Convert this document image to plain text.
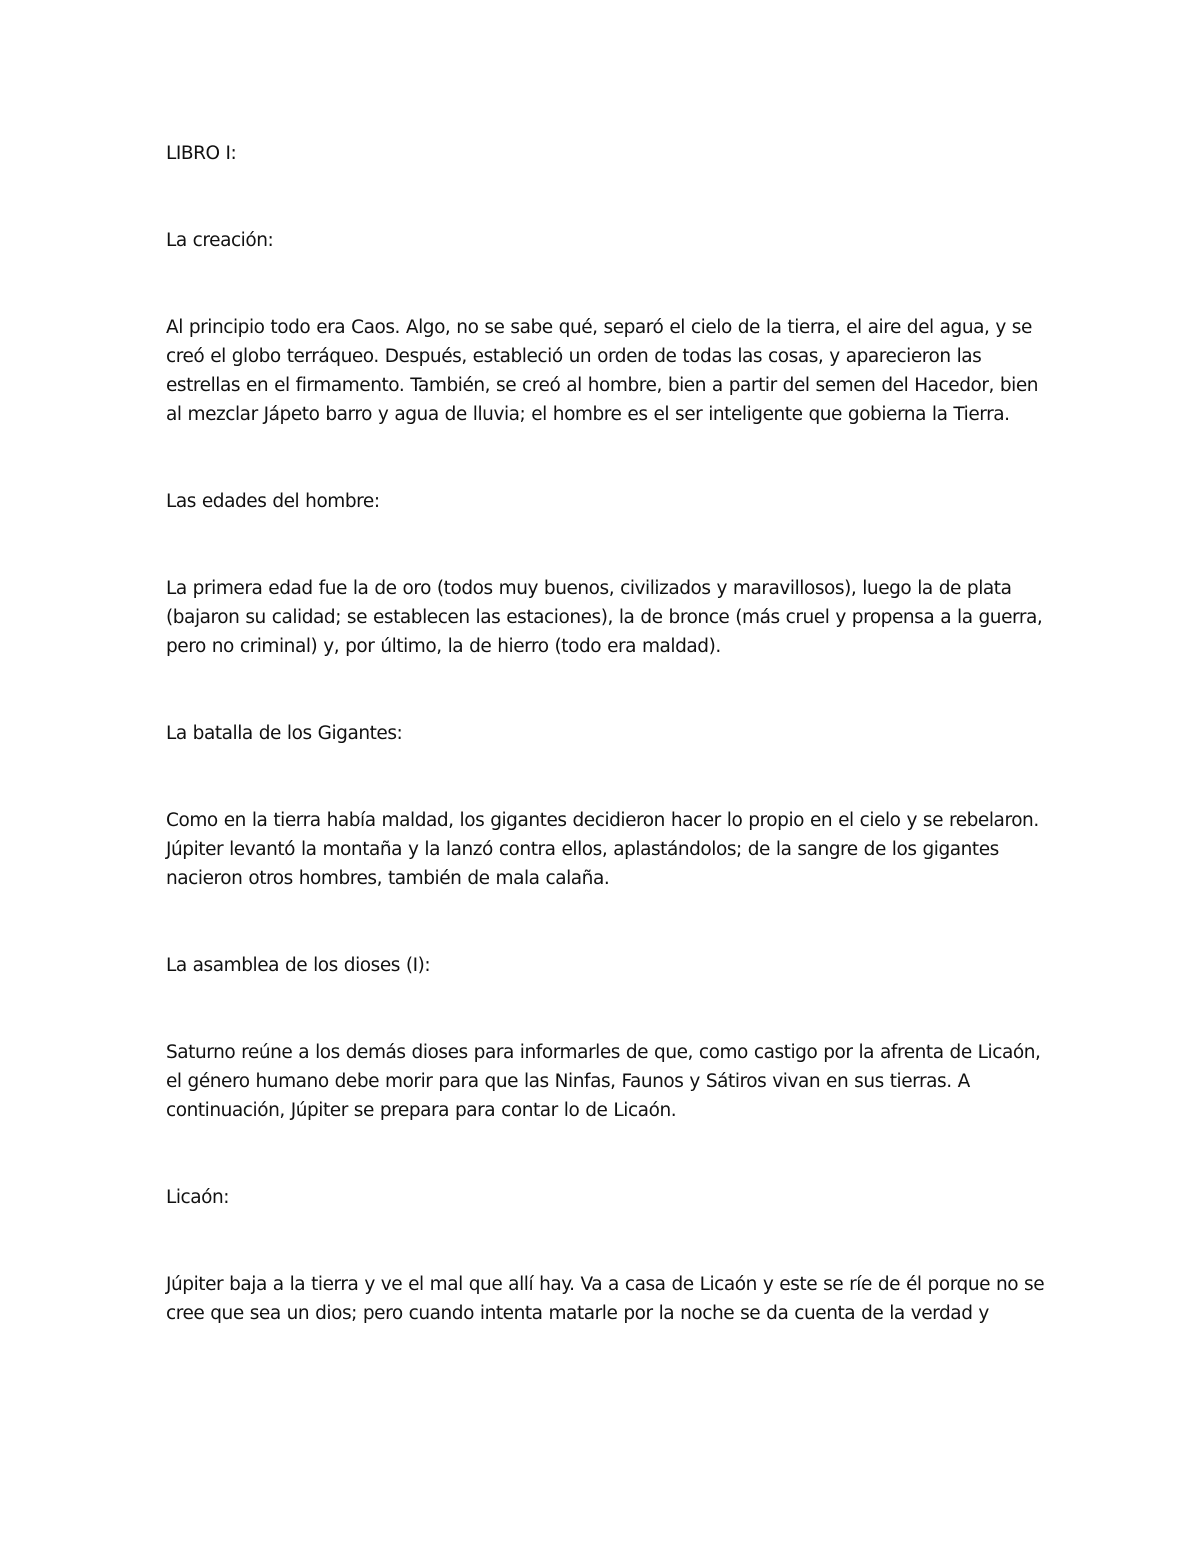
LIBRO I:

La creación:

Al principio todo era Caos. Algo, no se sabe qué, separó el cielo de la tierra, el aire del agua, y se creó el globo terráqueo. Después, estableció un orden de todas las cosas, y aparecieron las estrellas en el firmamento. También, se creó al hombre, bien a partir del semen del Hacedor, bien al mezclar Jápeto barro y agua de lluvia; el hombre es el ser inteligente que gobierna la Tierra.

Las edades del hombre:

La primera edad fue la de oro (todos muy buenos, civilizados y maravillosos), luego la de plata (bajaron su calidad; se establecen las estaciones), la de bronce (más cruel y propensa a la guerra, pero no criminal) y, por último, la de hierro (todo era maldad).

La batalla de los Gigantes:

Como en la tierra había maldad, los gigantes decidieron hacer lo propio en el cielo y se rebelaron. Júpiter levantó la montaña y la lanzó contra ellos, aplastándolos; de la sangre de los gigantes nacieron otros hombres, también de mala calaña.

La asamblea de los dioses (I):

Saturno reúne a los demás dioses para informarles de que, como castigo por la afrenta de Licaón, el género humano debe morir para que las Ninfas, Faunos y Sátiros vivan en sus tierras. A continuación, Júpiter se prepara para contar lo de Licaón.

Licaón:

Júpiter baja a la tierra y ve el mal que allí hay. Va a casa de Licaón y este se ríe de él porque no se cree que sea un dios; pero cuando intenta matarle por la noche se da cuenta de la verdad y
